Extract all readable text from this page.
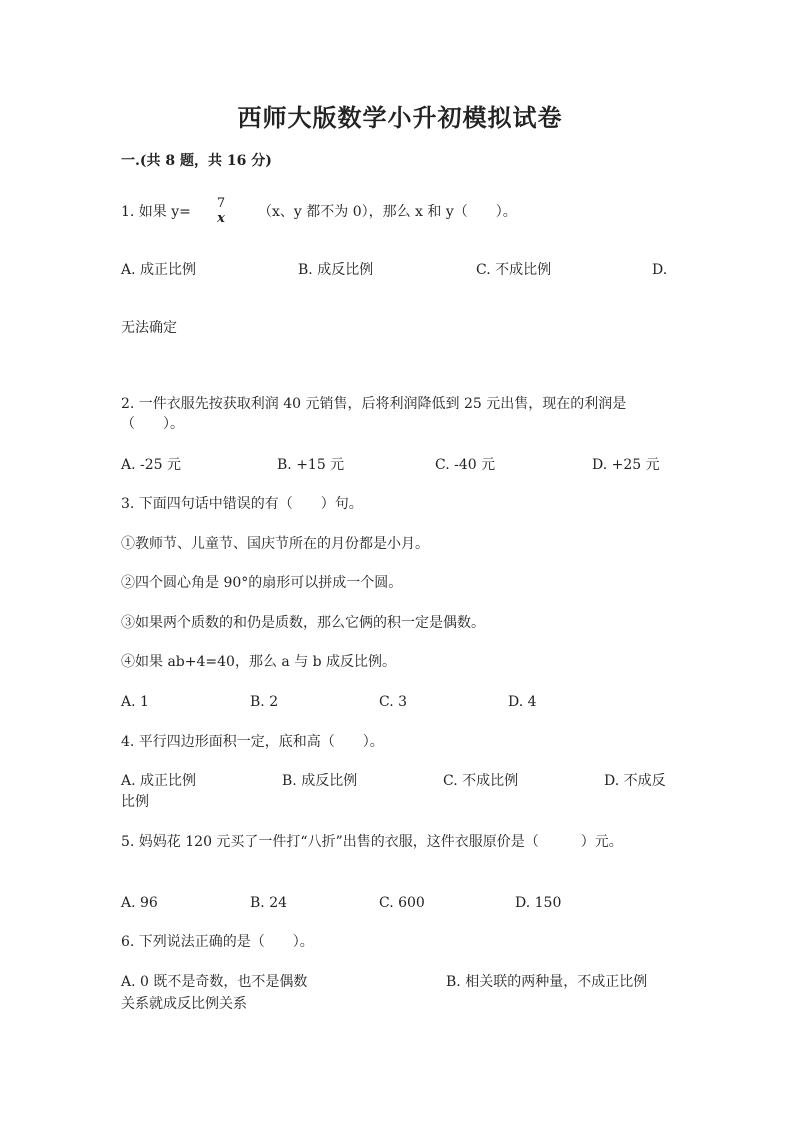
西师大版数学小升初模拟试卷
一.(共 8 题，共 16 分)
1. 如果 y=
7
x	（x、y 都不为 0），那么 x 和 y（　　）。
A. 成正比例	B. 成反比例	C. 不成比例	D.
无法确定
2. 一件衣服先按获取利润 40 元销售，后将利润降低到 25 元出售，现在的利润是（　　）。
A. -25 元	B. +15 元	C. -40 元	D. +25 元
3. 下面四句话中错误的有（　　）句。
①教师节、儿童节、国庆节所在的月份都是小月。
②四个圆心角是 90°的扇形可以拼成一个圆。
③如果两个质数的和仍是质数，那么它俩的积一定是偶数。
④如果 ab+4=40，那么 a 与 b 成反比例。
A. 1	B. 2	C. 3	D. 4
4. 平行四边形面积一定，底和高（　　）。
A. 成正比例	B. 成反比例	C. 不成比例	D. 不成反
比例
5. 妈妈花 120 元买了一件打“八折”出售的衣服，这件衣服原价是（　　　）元。
A. 96	B. 24	C. 600	D. 150
6. 下列说法正确的是（　　）。
A. 0 既不是奇数，也不是偶数	B. 相关联的两种量，不成正比例
关系就成反比例关系
